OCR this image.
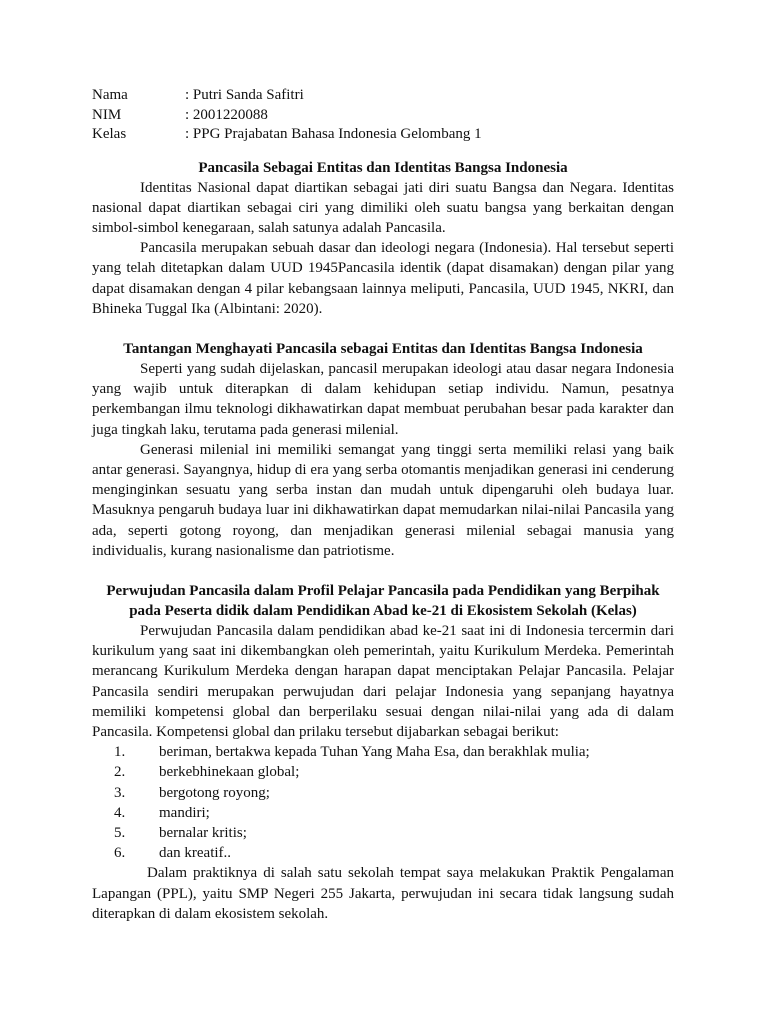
Nama	: Putri Sanda Safitri
NIM	: 2001220088
Kelas	: PPG Prajabatan Bahasa Indonesia Gelombang 1
Pancasila Sebagai Entitas dan Identitas Bangsa Indonesia

Identitas Nasional dapat diartikan sebagai jati diri suatu Bangsa dan Negara. Identitas nasional dapat diartikan sebagai ciri yang dimiliki oleh suatu bangsa yang berkaitan dengan simbol-simbol kenegaraan, salah satunya adalah Pancasila.

Pancasila merupakan sebuah dasar dan ideologi negara (Indonesia). Hal tersebut seperti yang telah ditetapkan dalam UUD 1945Pancasila identik (dapat disamakan) dengan pilar yang dapat disamakan dengan 4 pilar kebangsaan lainnya meliputi, Pancasila, UUD 1945, NKRI, dan Bhineka Tuggal Ika (Albintani: 2020).

Tantangan Menghayati Pancasila sebagai Entitas dan Identitas Bangsa Indonesia

Seperti yang sudah dijelaskan, pancasil merupakan ideologi atau dasar negara Indonesia yang wajib untuk diterapkan di dalam kehidupan setiap individu. Namun, pesatnya perkembangan ilmu teknologi dikhawatirkan dapat membuat perubahan besar pada karakter dan juga tingkah laku, terutama pada generasi milenial.

Generasi milenial ini memiliki semangat yang tinggi serta memiliki relasi yang baik antar generasi. Sayangnya, hidup di era yang serba otomantis menjadikan generasi ini cenderung menginginkan sesuatu yang serba instan dan mudah untuk dipengaruhi oleh budaya luar. Masuknya pengaruh budaya luar ini dikhawatirkan dapat memudarkan nilai-nilai Pancasila yang ada, seperti gotong royong, dan menjadikan generasi milenial sebagai manusia yang individualis, kurang nasionalisme dan patriotisme.

Perwujudan Pancasila dalam Profil Pelajar Pancasila pada Pendidikan yang Berpihak
pada Peserta didik dalam Pendidikan Abad ke-21 di Ekosistem Sekolah (Kelas)

Perwujudan Pancasila dalam pendidikan abad ke-21 saat ini di Indonesia tercermin dari kurikulum yang saat ini dikembangkan oleh pemerintah, yaitu Kurikulum Merdeka. Pemerintah merancang Kurikulum Merdeka dengan harapan dapat menciptakan Pelajar Pancasila. Pelajar Pancasila sendiri merupakan perwujudan dari pelajar Indonesia yang sepanjang hayatnya memiliki kompetensi global dan berperilaku sesuai dengan nilai-nilai yang ada di dalam Pancasila. Kompetensi global dan prilaku tersebut dijabarkan sebagai berikut:

1.	beriman, bertakwa kepada Tuhan Yang Maha Esa, dan berakhlak mulia;
2.	berkebhinekaan global;
3.	bergotong royong;
4.	mandiri;
5.	bernalar kritis;
6.	dan kreatif..

Dalam praktiknya di salah satu sekolah tempat saya melakukan Praktik Pengalaman Lapangan (PPL), yaitu SMP Negeri 255 Jakarta, perwujudan ini secara tidak langsung sudah diterapkan di dalam ekosistem sekolah.
